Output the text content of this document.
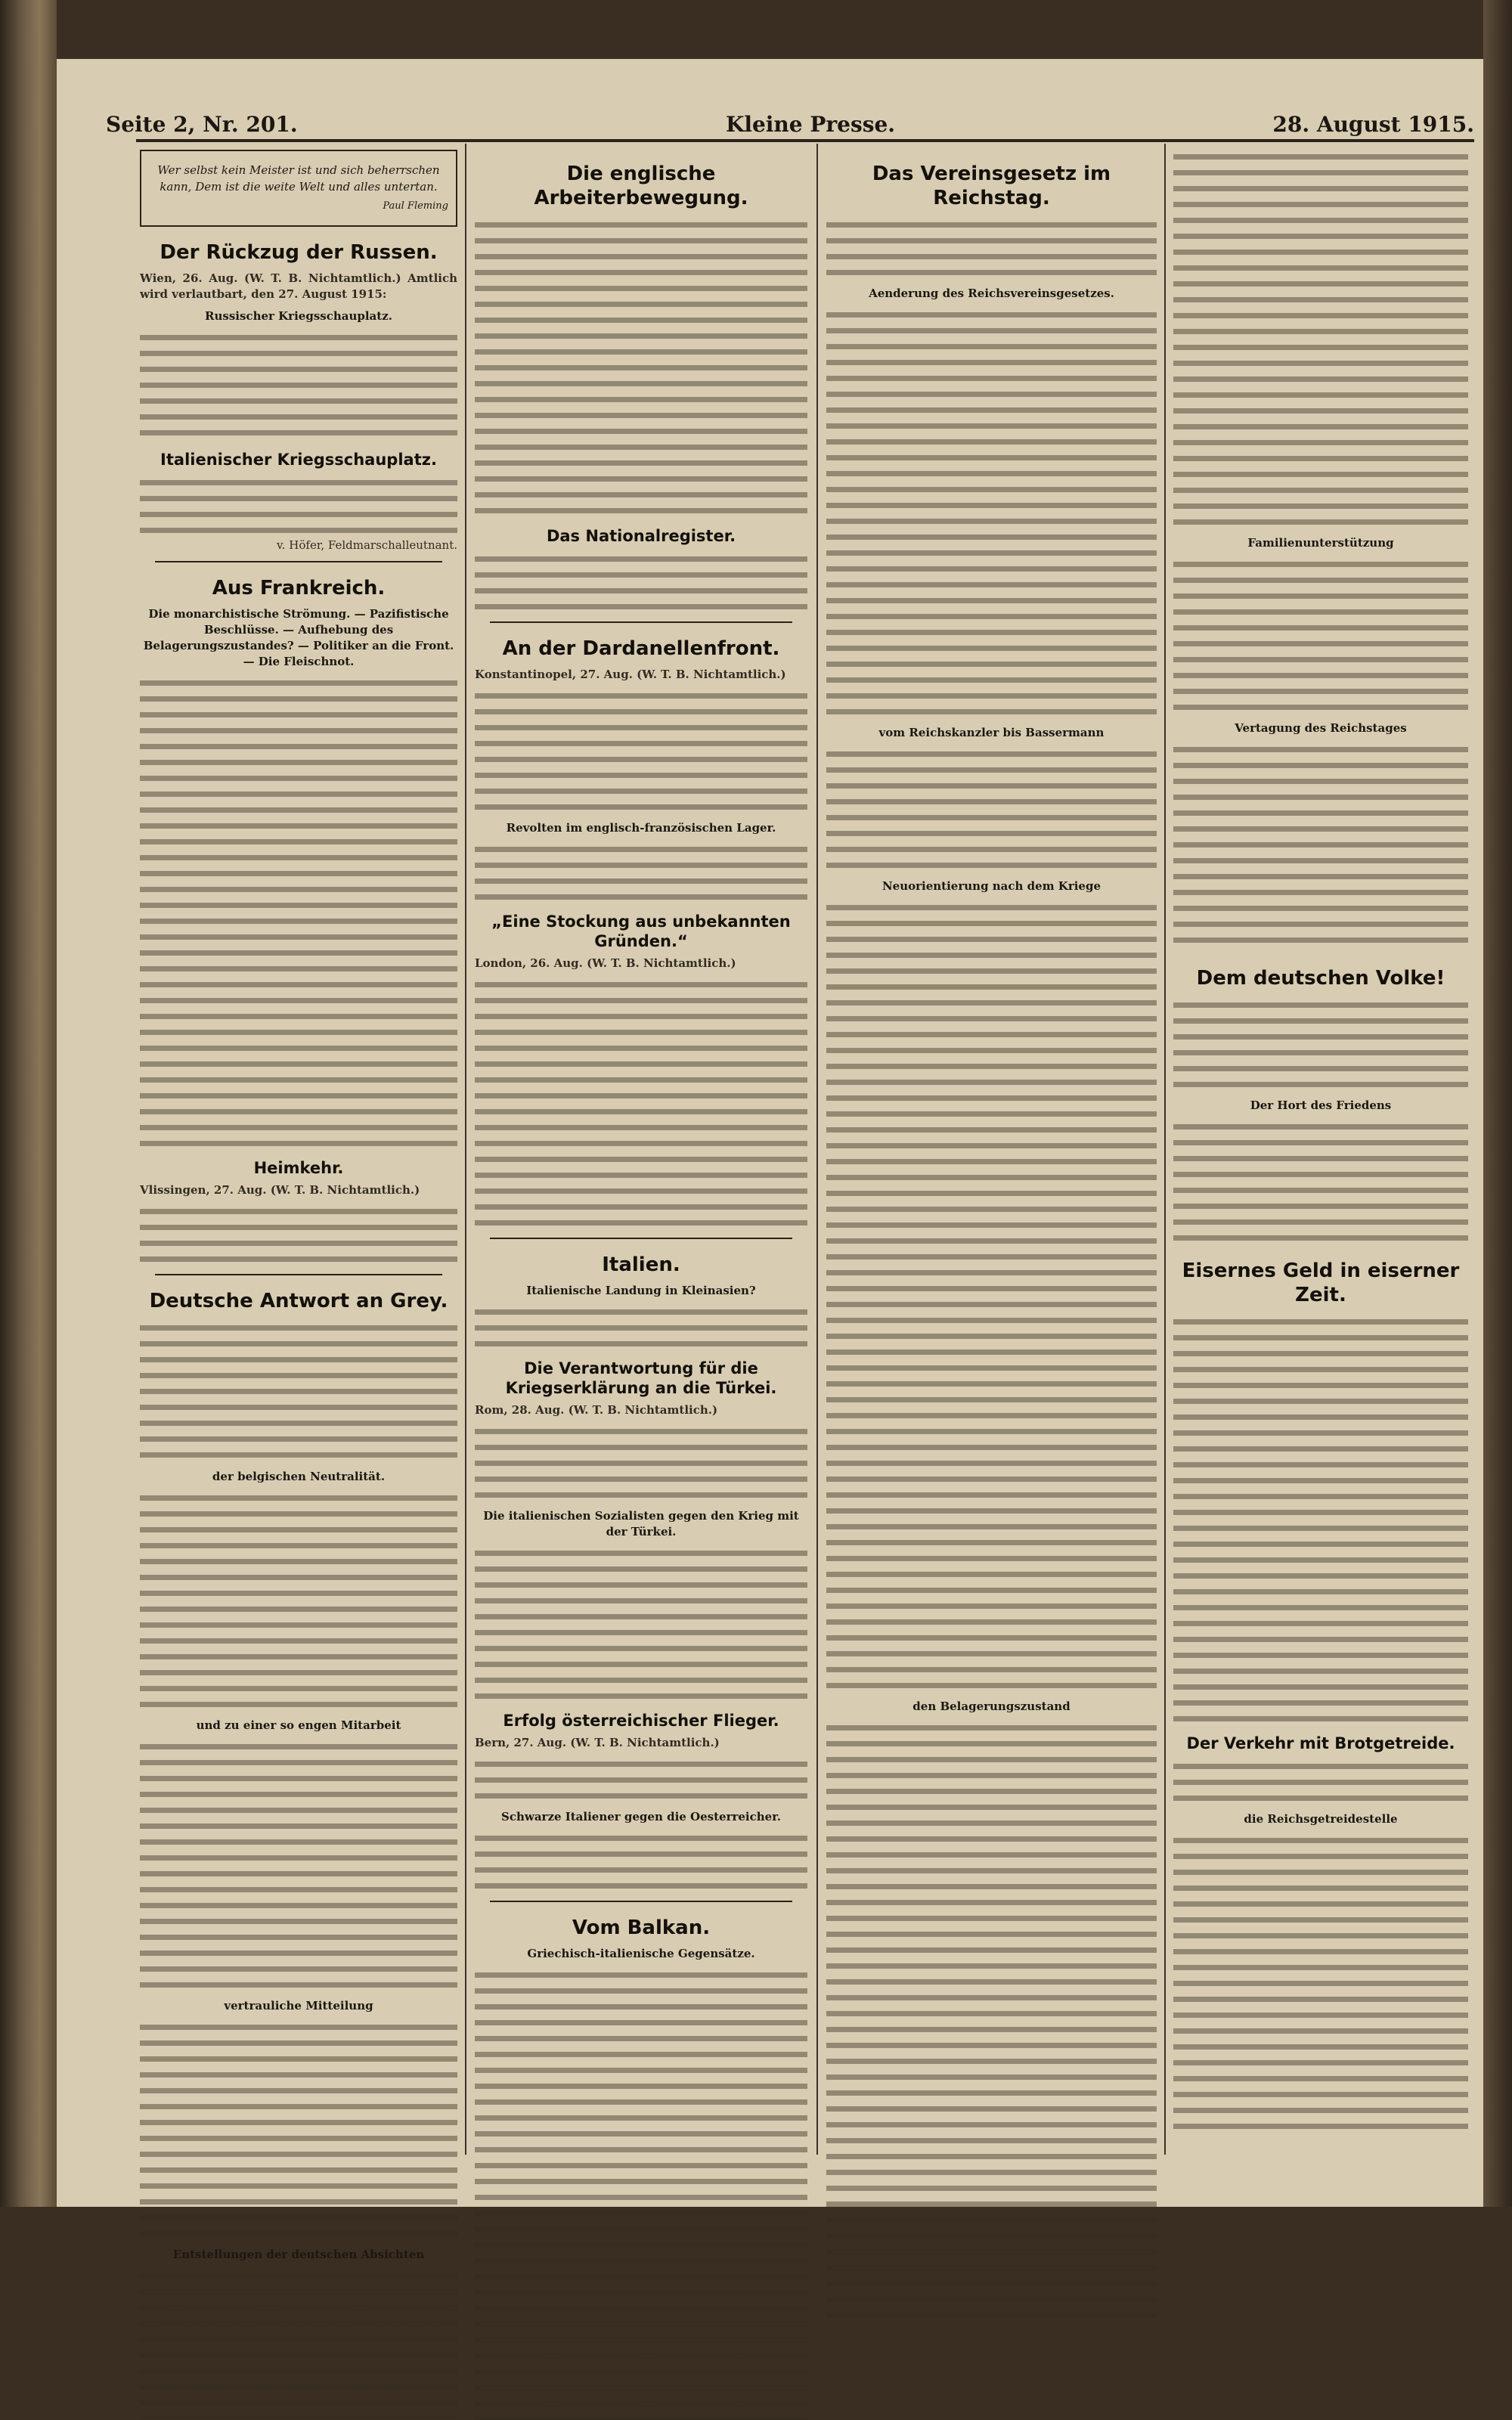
Seite 2, Nr. 201.	Kleine Presse.	28. August 1915.
Wer selbst kein Meister ist und sich beherrschen kann, Dem ist die weite Welt und alles untertan.
Paul Fleming
Der Rückzug der Russen.

Wien, 26. Aug. (W. T. B. Nichtamtlich.) Amtlich wird verlautbart, den 27. August 1915:

Russischer Kriegsschauplatz.
Italienischer Kriegsschauplatz.

v. Höfer, Feldmarschalleutnant.

Aus Frankreich.
Die monarchistische Strömung. — Pazifistische Beschlüsse. — Aufhebung des Belagerungszustandes? — Politiker an die Front. — Die Fleischnot.
Heimkehr.

Vlissingen, 27. Aug. (W. T. B. Nichtamtlich.)

Deutsche Antwort an Grey.
der belgischen Neutralität.
und zu einer so engen Mitarbeit
vertrauliche Mitteilung
Entstellungen der deutschen Absichten
Die englische Arbeiterbewegung.
Das Nationalregister.
An der Dardanellenfront.

Konstantinopel, 27. Aug. (W. T. B. Nichtamtlich.)

Revolten im englisch-französischen Lager.
„Eine Stockung aus unbekannten Gründen.“

London, 26. Aug. (W. T. B. Nichtamtlich.)

Italien.
Italienische Landung in Kleinasien?
Die Verantwortung für die Kriegserklärung an die Türkei.

Rom, 28. Aug. (W. T. B. Nichtamtlich.)

Die italienischen Sozialisten gegen den Krieg mit der Türkei.
Erfolg österreichischer Flieger.

Bern, 27. Aug. (W. T. B. Nichtamtlich.)

Schwarze Italiener gegen die Oesterreicher.
Vom Balkan.
Griechisch-italienische Gegensätze.
Das Vereinsgesetz im Reichstag.
Aenderung des Reichsvereinsgesetzes.
vom Reichskanzler bis Bassermann
Neuorientierung nach dem Kriege
den Belagerungszustand
Familienunterstützung
Vertagung des Reichstages
Dem deutschen Volke!
Der Hort des Friedens
Eisernes Geld in eiserner Zeit.
Der Verkehr mit Brotgetreide.
die Reichsgetreidestelle
